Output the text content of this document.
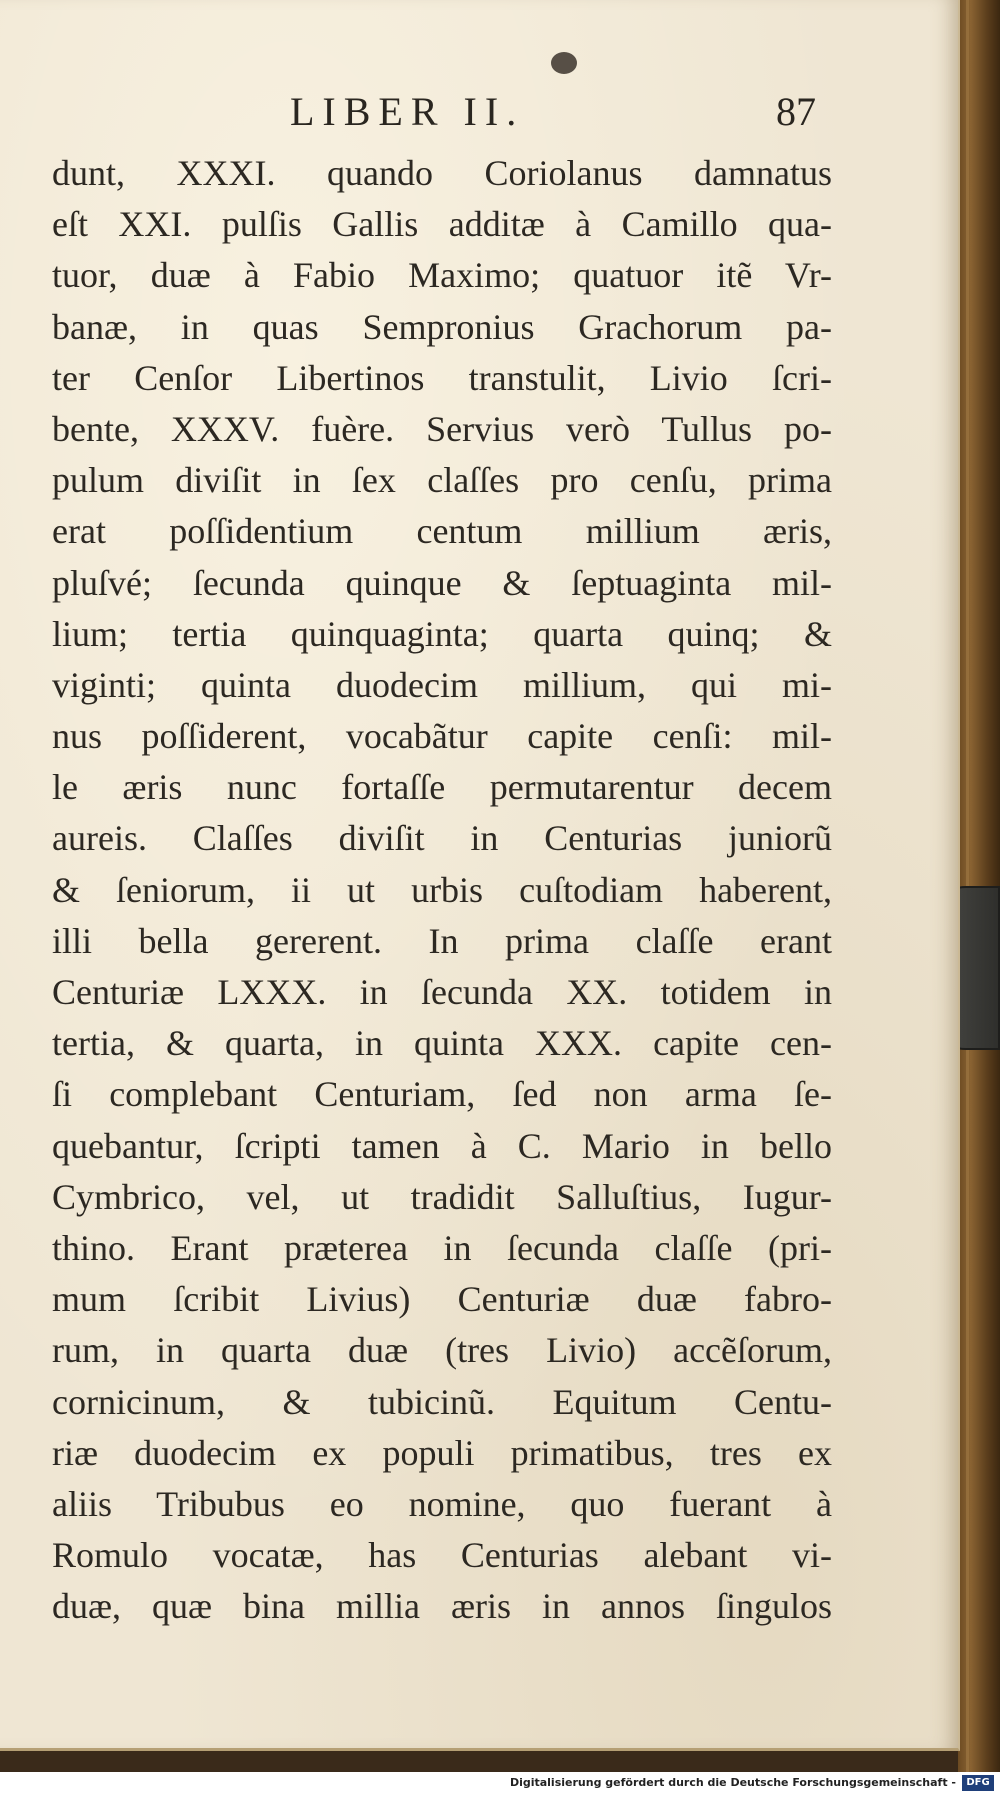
LIBER II.	87
dunt, XXXI. quando Coriolanus damnatus
eſt XXI. pulſis Gallis additæ à Camillo qua-
tuor, duæ à Fabio Maximo; quatuor itẽ Vr-
banæ, in quas Sempronius Grachorum pa-
ter Cenſor Libertinos transtulit, Livio ſcri-
bente, XXXV. fuère. Servius verò Tullus po-
pulum diviſit in ſex claſſes pro cenſu, prima
erat poſſidentium centum millium æris,
pluſvé; ſecunda quinque & ſeptuaginta mil-
lium; tertia quinquaginta; quarta quinq; &
viginti; quinta duodecim millium, qui mi-
nus poſſiderent, vocabãtur capite cenſi: mil-
le æris nunc fortaſſe permutarentur decem
aureis. Claſſes diviſit in Centurias juniorũ
& ſeniorum, ii ut urbis cuſtodiam haberent,
illi bella gererent. In prima claſſe erant
Centuriæ LXXX. in ſecunda XX. totidem in
tertia, & quarta, in quinta XXX. capite cen-
ſi complebant Centuriam, ſed non arma ſe-
quebantur, ſcripti tamen à C. Mario in bello
Cymbrico, vel, ut tradidit Salluſtius, Iugur-
thino. Erant præterea in ſecunda claſſe (pri-
mum ſcribit Livius) Centuriæ duæ fabro-
rum, in quarta duæ (tres Livio) accẽſorum,
cornicinum, & tubicinũ. Equitum Centu-
riæ duodecim ex populi primatibus, tres ex
aliis Tribubus eo nomine, quo fuerant à
Romulo vocatæ, has Centurias alebant vi-
duæ, quæ bina millia æris in annos ſingulos
Digitalisierung gefördert durch die Deutsche Forschungsgemeinschaft -	DFG
